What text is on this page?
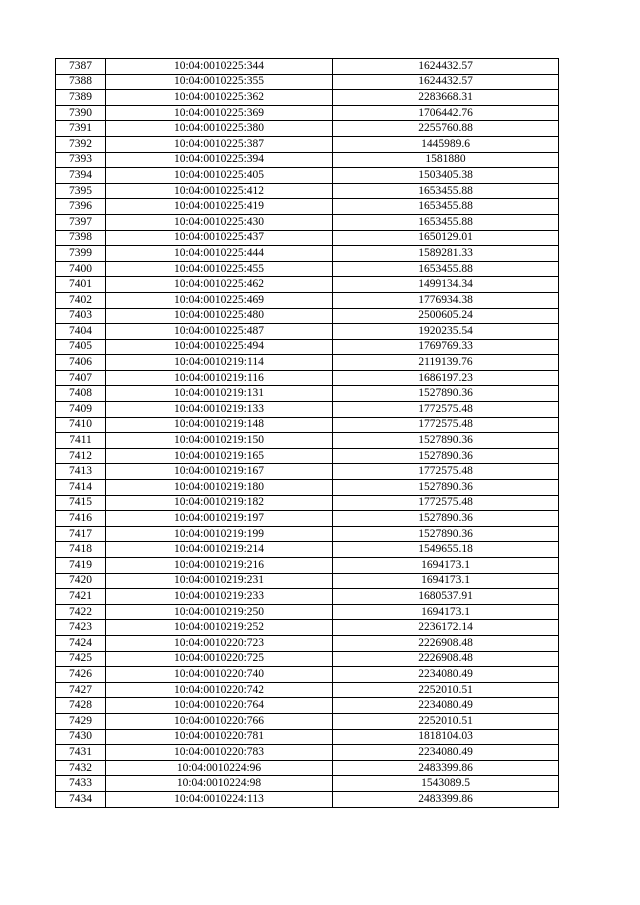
7387	10:04:0010225:344	1624432.57
7388	10:04:0010225:355	1624432.57
7389	10:04:0010225:362	2283668.31
7390	10:04:0010225:369	1706442.76
7391	10:04:0010225:380	2255760.88
7392	10:04:0010225:387	1445989.6
7393	10:04:0010225:394	1581880
7394	10:04:0010225:405	1503405.38
7395	10:04:0010225:412	1653455.88
7396	10:04:0010225:419	1653455.88
7397	10:04:0010225:430	1653455.88
7398	10:04:0010225:437	1650129.01
7399	10:04:0010225:444	1589281.33
7400	10:04:0010225:455	1653455.88
7401	10:04:0010225:462	1499134.34
7402	10:04:0010225:469	1776934.38
7403	10:04:0010225:480	2500605.24
7404	10:04:0010225:487	1920235.54
7405	10:04:0010225:494	1769769.33
7406	10:04:0010219:114	2119139.76
7407	10:04:0010219:116	1686197.23
7408	10:04:0010219:131	1527890.36
7409	10:04:0010219:133	1772575.48
7410	10:04:0010219:148	1772575.48
7411	10:04:0010219:150	1527890.36
7412	10:04:0010219:165	1527890.36
7413	10:04:0010219:167	1772575.48
7414	10:04:0010219:180	1527890.36
7415	10:04:0010219:182	1772575.48
7416	10:04:0010219:197	1527890.36
7417	10:04:0010219:199	1527890.36
7418	10:04:0010219:214	1549655.18
7419	10:04:0010219:216	1694173.1
7420	10:04:0010219:231	1694173.1
7421	10:04:0010219:233	1680537.91
7422	10:04:0010219:250	1694173.1
7423	10:04:0010219:252	2236172.14
7424	10:04:0010220:723	2226908.48
7425	10:04:0010220:725	2226908.48
7426	10:04:0010220:740	2234080.49
7427	10:04:0010220:742	2252010.51
7428	10:04:0010220:764	2234080.49
7429	10:04:0010220:766	2252010.51
7430	10:04:0010220:781	1818104.03
7431	10:04:0010220:783	2234080.49
7432	10:04:0010224:96	2483399.86
7433	10:04:0010224:98	1543089.5
7434	10:04:0010224:113	2483399.86
